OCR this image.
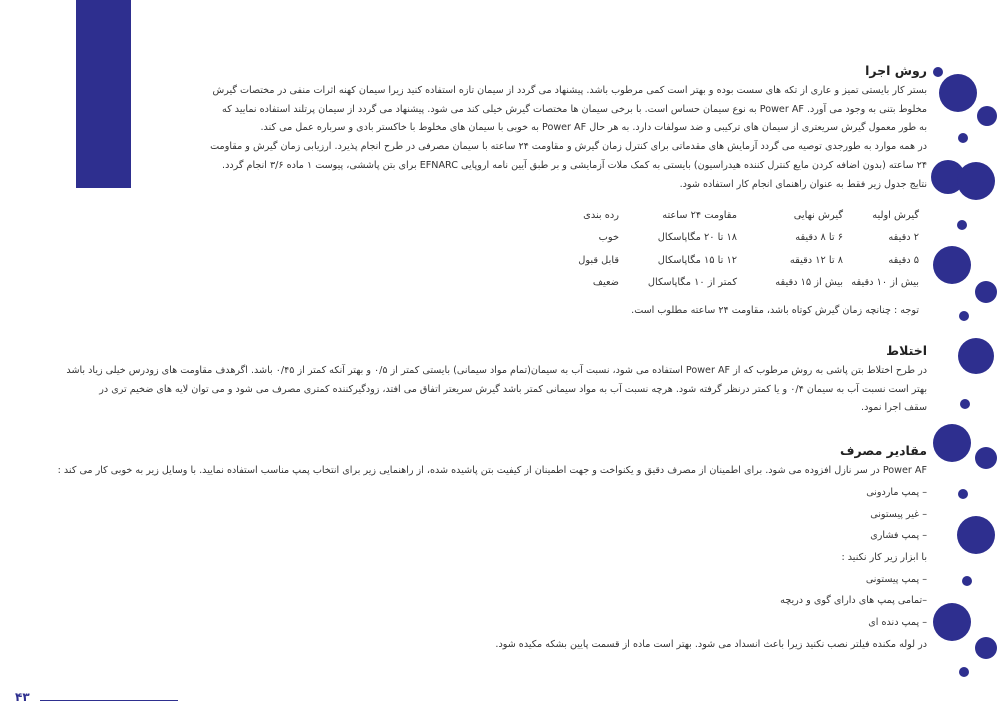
روش اجرا

بستر کار بایستی تمیز و عاری از تکه های سست بوده و بهتر است کمی مرطوب باشد. پیشنهاد می گردد از سیمان تازه استفاده کنید زیرا سیمان کهنه اثرات منفی در مختصات گیرش
مخلوط بتنی به وجود می آورد. Power AF به نوع سیمان حساس است. با برخی سیمان ها مختصات گیرش خیلی کند می شود. پیشنهاد می گردد از سیمان پرتلند استفاده نمایید که
به طور معمول گیرش سریعتری از سیمان های ترکیبی و ضد سولفات دارد. به هر حال Power AF به خوبی با سیمان های مخلوط با خاکستر بادی و سرباره عمل می کند.
در همه موارد به طورجدی توصیه می گردد آزمایش های مقدماتی برای کنترل زمان گیرش و مقاومت ۲۴ ساعته با سیمان مصرفی در طرح انجام پذیرد. ارزیابی زمان گیرش و مقاومت
۲۴ ساعته (بدون اضافه کردن مایع کنترل کننده هیدراسیون) بایستی به کمک ملات آزمایشی و بر طبق آیین نامه اروپایی EFNARC برای بتن پاششی، پیوست ۱ ماده ۳/۶ انجام گردد.
نتایج جدول زیر فقط به عنوان راهنمای انجام کار استفاده شود.
گیرش اولیه	گیرش نهایی	مقاومت ۲۴ ساعته	رده بندی
۲ دقیقه	۶ تا ۸ دقیقه	۱۸ تا ۲۰ مگاپاسکال	خوب
۵ دقیقه	۸ تا ۱۲ دقیقه	۱۲ تا ۱۵ مگاپاسکال	قابل قبول
بیش از ۱۰ دقیقه	بیش از ۱۵ دقیقه	کمتر از ۱۰ مگاپاسکال	ضعیف
توجه : چنانچه زمان گیرش کوتاه باشد، مقاومت ۲۴ ساعته مطلوب است.

اختلاط

در طرح اختلاط بتن پاشی به روش مرطوب که از Power AF استفاده می شود، نسبت آب به سیمان(تمام مواد سیمانی) بایستی کمتر از ۰/۵ و بهتر آنکه کمتر از ۰/۴۵ باشد. اگرهدف مقاومت های زودرس خیلی زیاد باشد
بهتر است نسبت آب به سیمان ۰/۴ و یا کمتر درنظر گرفته شود. هرچه نسبت آب به مواد سیمانی کمتر باشد گیرش سریعتر اتفاق می افتد، زودگیرکننده کمتری مصرف می شود و می توان لایه های ضخیم تری در
سقف اجرا نمود.

مقادیر مصرف

Power AF در سر نازل افزوده می شود. برای اطمینان از مصرف دقیق و یکنواخت و جهت اطمینان از کیفیت بتن پاشیده شده، از راهنمایی زیر برای انتخاب پمپ مناسب استفاده نمایید. با وسایل زیر به خوبی کار می کند :
– پمپ ماردونی
– غیر پیستونی
– پمپ فشاری
با ابزار زیر کار نکنید :
– پمپ پیستونی
–تمامی پمپ های دارای گوی و دریچه
– پمپ دنده ای
در لوله مکنده فیلتر نصب نکنید زیرا باعث انسداد می شود. بهتر است ماده از قسمت پایین بشکه مکیده شود.
۴۳
